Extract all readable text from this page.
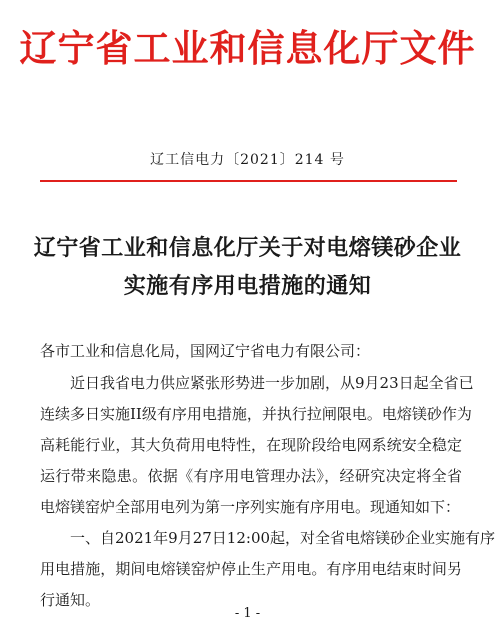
辽宁省工业和信息化厅文件
辽工信电力〔2021〕214 号
辽宁省工业和信息化厅关于对电熔镁砂企业
实施有序用电措施的通知
各市工业和信息化局，国网辽宁省电力有限公司：
近日我省电力供应紧张形势进一步加剧，从9月23日起全省已
连续多日实施II级有序用电措施，并执行拉闸限电。电熔镁砂作为
高耗能行业，其大负荷用电特性，在现阶段给电网系统安全稳定
运行带来隐患。依据《有序用电管理办法》，经研究决定将全省
电熔镁窑炉全部用电列为第一序列实施有序用电。现通知如下：
一、自2021年9月27日12:00起，对全省电熔镁砂企业实施有序
用电措施，期间电熔镁窑炉停止生产用电。有序用电结束时间另
行通知。
- 1 -
